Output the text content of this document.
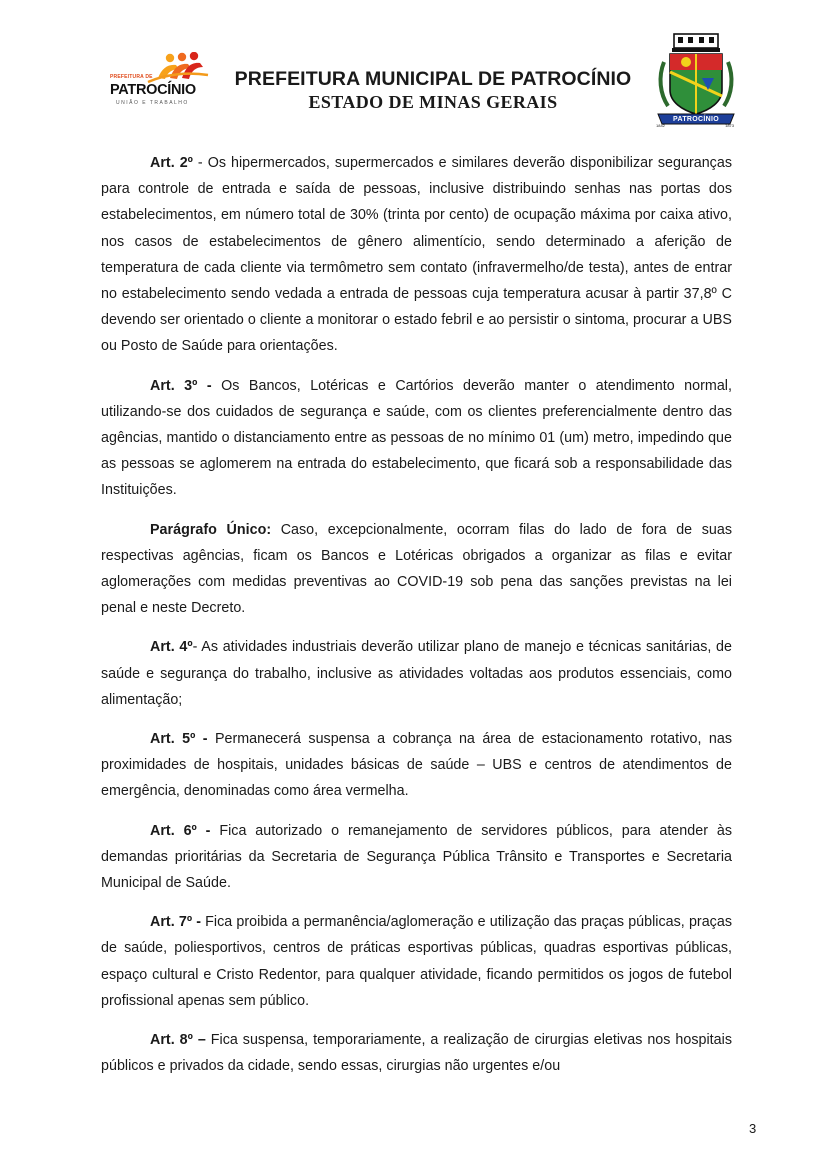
PREFEITURA DE
PATROCÍNIO
UNIÃO E TRABALHO
PREFEITURA MUNICIPAL DE PATROCÍNIO
ESTADO DE MINAS GERAIS
PATROCÍNIO
1842	1873

Art. 2º - Os hipermercados, supermercados e similares deverão disponibilizar seguranças para controle de entrada e saída de pessoas, inclusive distribuindo senhas nas portas dos estabelecimentos, em número total de 30% (trinta por cento) de ocupação máxima por caixa ativo, nos casos de estabelecimentos de gênero alimentício, sendo determinado a aferição de temperatura de cada cliente via termômetro sem contato (infravermelho/de testa), antes de entrar no estabelecimento sendo vedada a entrada de pessoas cuja temperatura acusar à partir 37,8º C devendo ser orientado o cliente a monitorar o estado febril e ao persistir o sintoma, procurar a UBS ou Posto de Saúde para orientações.

Art. 3º - Os Bancos, Lotéricas e Cartórios deverão manter o atendimento normal, utilizando-se dos cuidados de segurança e saúde, com os clientes preferencialmente dentro das agências, mantido o distanciamento entre as pessoas de no mínimo 01 (um) metro, impedindo que as pessoas se aglomerem na entrada do estabelecimento, que ficará sob a responsabilidade das Instituições.

Parágrafo Único: Caso, excepcionalmente, ocorram filas do lado de fora de suas respectivas agências, ficam os Bancos e Lotéricas obrigados a organizar as filas e evitar aglomerações com medidas preventivas ao COVID-19 sob pena das sanções previstas na lei penal e neste Decreto.

Art. 4º- As atividades industriais deverão utilizar plano de manejo e técnicas sanitárias, de saúde e segurança do trabalho, inclusive as atividades voltadas aos produtos essenciais, como alimentação;

Art. 5º - Permanecerá suspensa a cobrança na área de estacionamento rotativo, nas proximidades de hospitais, unidades básicas de saúde – UBS e centros de atendimentos de emergência, denominadas como área vermelha.

Art. 6º - Fica autorizado o remanejamento de servidores públicos, para atender às demandas prioritárias da Secretaria de Segurança Pública Trânsito e Transportes e Secretaria Municipal de Saúde.

Art. 7º - Fica proibida a permanência/aglomeração e utilização das praças públicas, praças de saúde, poliesportivos, centros de práticas esportivas públicas, quadras esportivas públicas, espaço cultural e Cristo Redentor, para qualquer atividade, ficando permitidos os jogos de futebol profissional apenas sem público.

Art. 8º – Fica suspensa, temporariamente, a realização de cirurgias eletivas nos hospitais públicos e privados da cidade, sendo essas, cirurgias não urgentes e/ou

3
